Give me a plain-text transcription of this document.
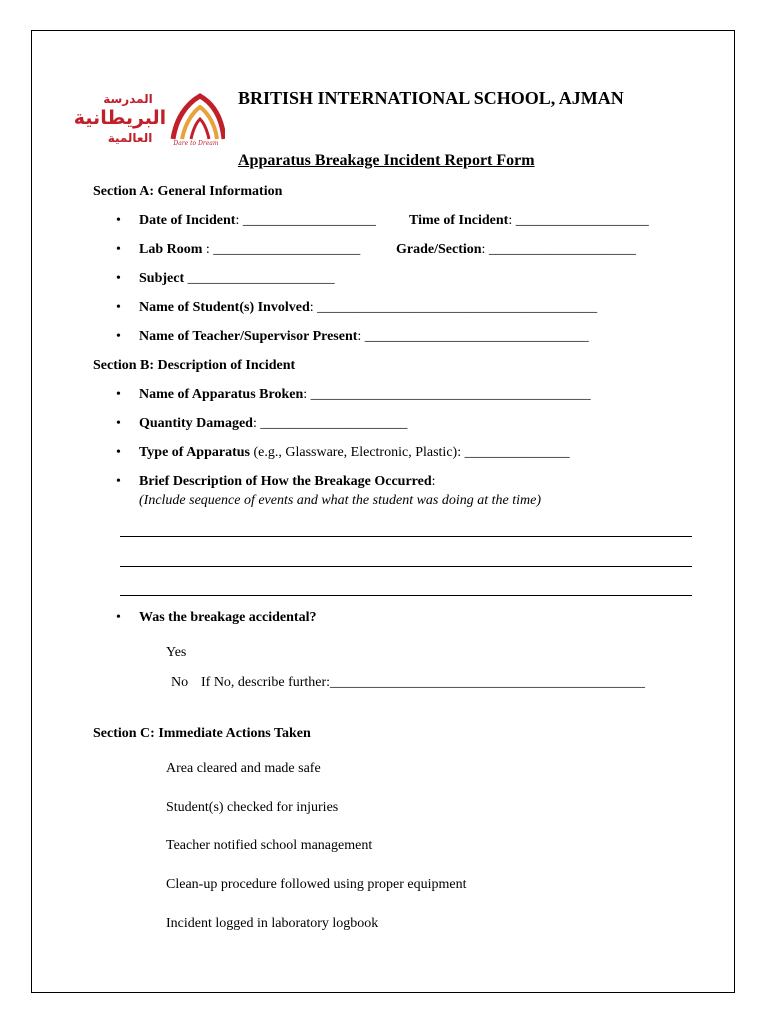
المدرسة
البريطانية
العالمية	Dare to Dream
BRITISH INTERNATIONAL SCHOOL, AJMAN
Apparatus Breakage Incident Report Form
Section A: General Information
• Date of Incident: ___________________ Time of Incident: ___________________
• Lab Room : _____________________	Grade/Section: _____________________
• Subject _____________________
• Name of Student(s) Involved: ________________________________________
• Name of Teacher/Supervisor Present: ________________________________
Section B: Description of Incident
• Name of Apparatus Broken: ________________________________________
• Quantity Damaged: _____________________
• Type of Apparatus (e.g., Glassware, Electronic, Plastic): _______________
• Brief Description of How the Breakage Occurred:
(Include sequence of events and what the student was doing at the time)
• Was the breakage accidental?
Yes
No If No, describe further:_____________________________________________
Section C: Immediate Actions Taken
Area cleared and made safe
Student(s) checked for injuries
Teacher notified school management
Clean-up procedure followed using proper equipment
Incident logged in laboratory logbook
